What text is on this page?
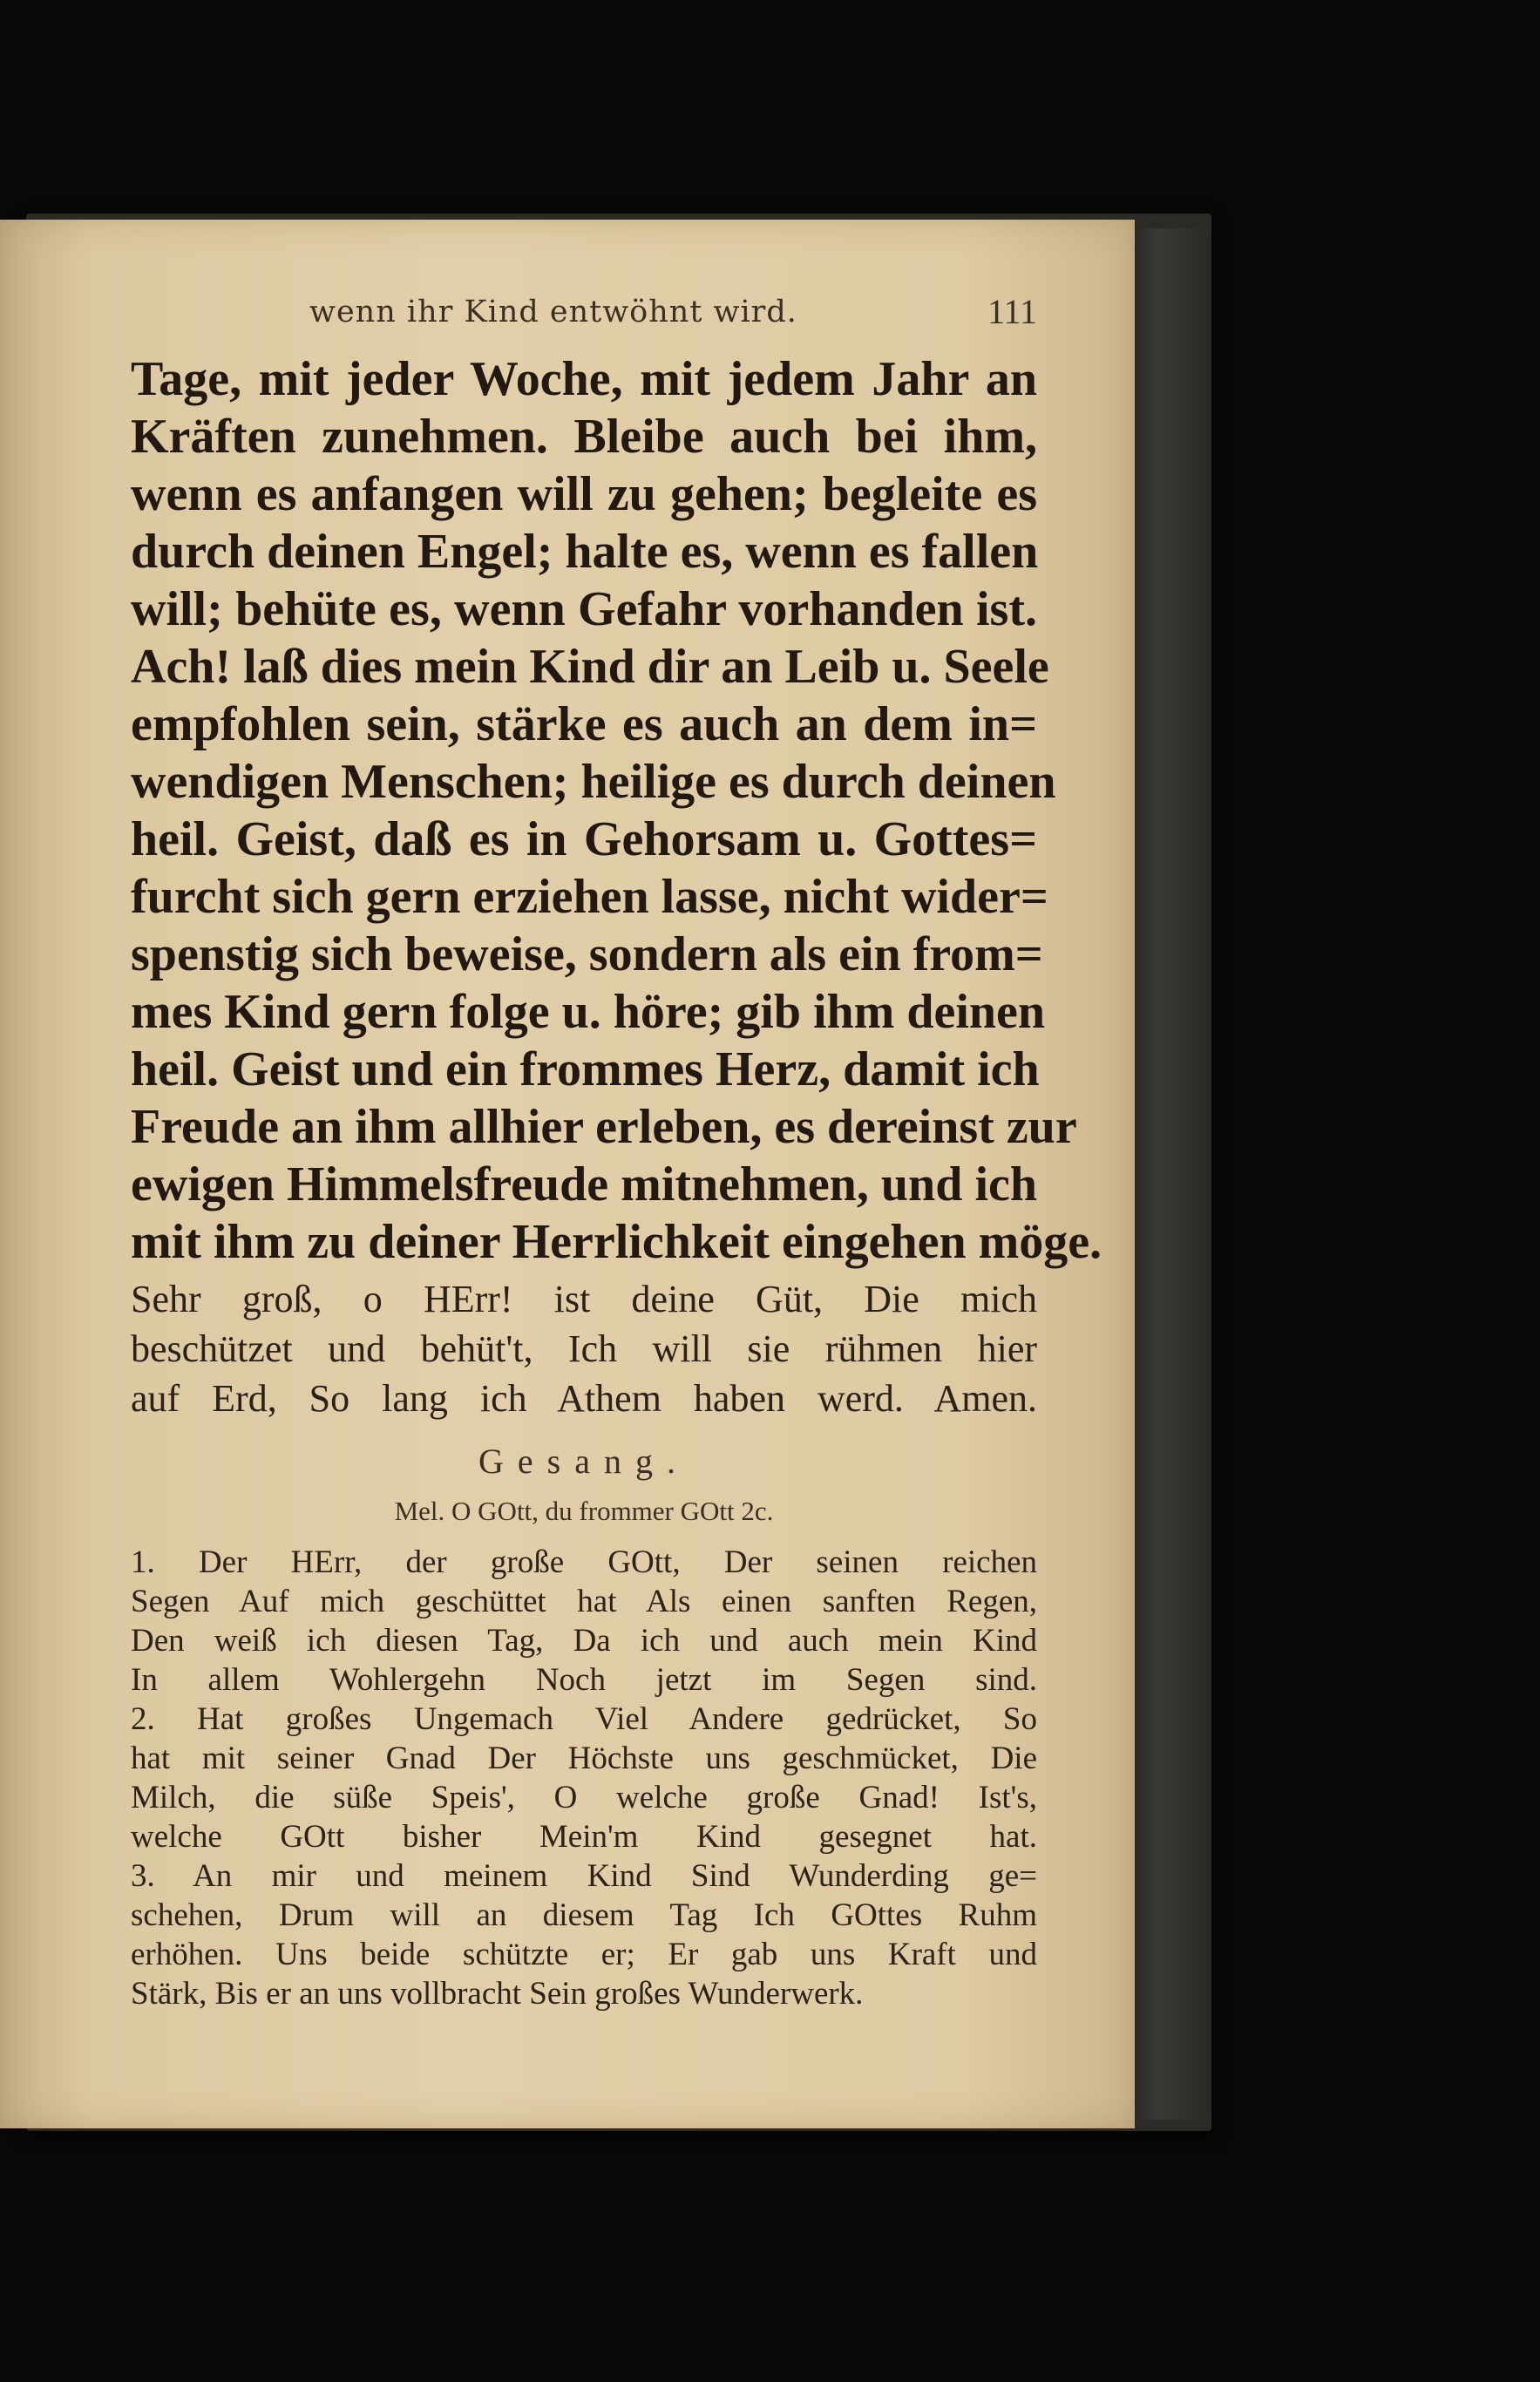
wenn ihr Kind entwöhnt wird.	111
Tage, mit jeder Woche, mit jedem Jahr an
Kräften zunehmen. Bleibe auch bei ihm,
wenn es anfangen will zu gehen; begleite es
durch deinen Engel; halte es, wenn es fallen
will; behüte es, wenn Gefahr vorhanden ist.
Ach! laß dies mein Kind dir an Leib u. Seele
empfohlen sein, stärke es auch an dem in=
wendigen Menschen; heilige es durch deinen
heil. Geist, daß es in Gehorsam u. Gottes=
furcht sich gern erziehen lasse, nicht wider=
spenstig sich beweise, sondern als ein from=
mes Kind gern folge u. höre; gib ihm deinen
heil. Geist und ein frommes Herz, damit ich
Freude an ihm allhier erleben, es dereinst zur
ewigen Himmelsfreude mitnehmen, und ich
mit ihm zu deiner Herrlichkeit eingehen möge.
Sehr groß, o HErr! ist deine Güt, Die mich
beschützet und behüt't, Ich will sie rühmen hier
auf Erd, So lang ich Athem haben werd. Amen.
Gesang.
Mel. O GOtt, du frommer GOtt 2c.
1. Der HErr, der große GOtt, Der seinen reichen
Segen Auf mich geschüttet hat Als einen sanften Regen,
Den weiß ich diesen Tag, Da ich und auch mein Kind
In allem Wohlergehn Noch jetzt im Segen sind.
2. Hat großes Ungemach Viel Andere gedrücket, So
hat mit seiner Gnad Der Höchste uns geschmücket, Die
Milch, die süße Speis', O welche große Gnad! Ist's,
welche GOtt bisher Mein'm Kind gesegnet hat.
3. An mir und meinem Kind Sind Wunderding ge=
schehen, Drum will an diesem Tag Ich GOttes Ruhm
erhöhen. Uns beide schützte er; Er gab uns Kraft und
Stärk, Bis er an uns vollbracht Sein großes Wunderwerk.
